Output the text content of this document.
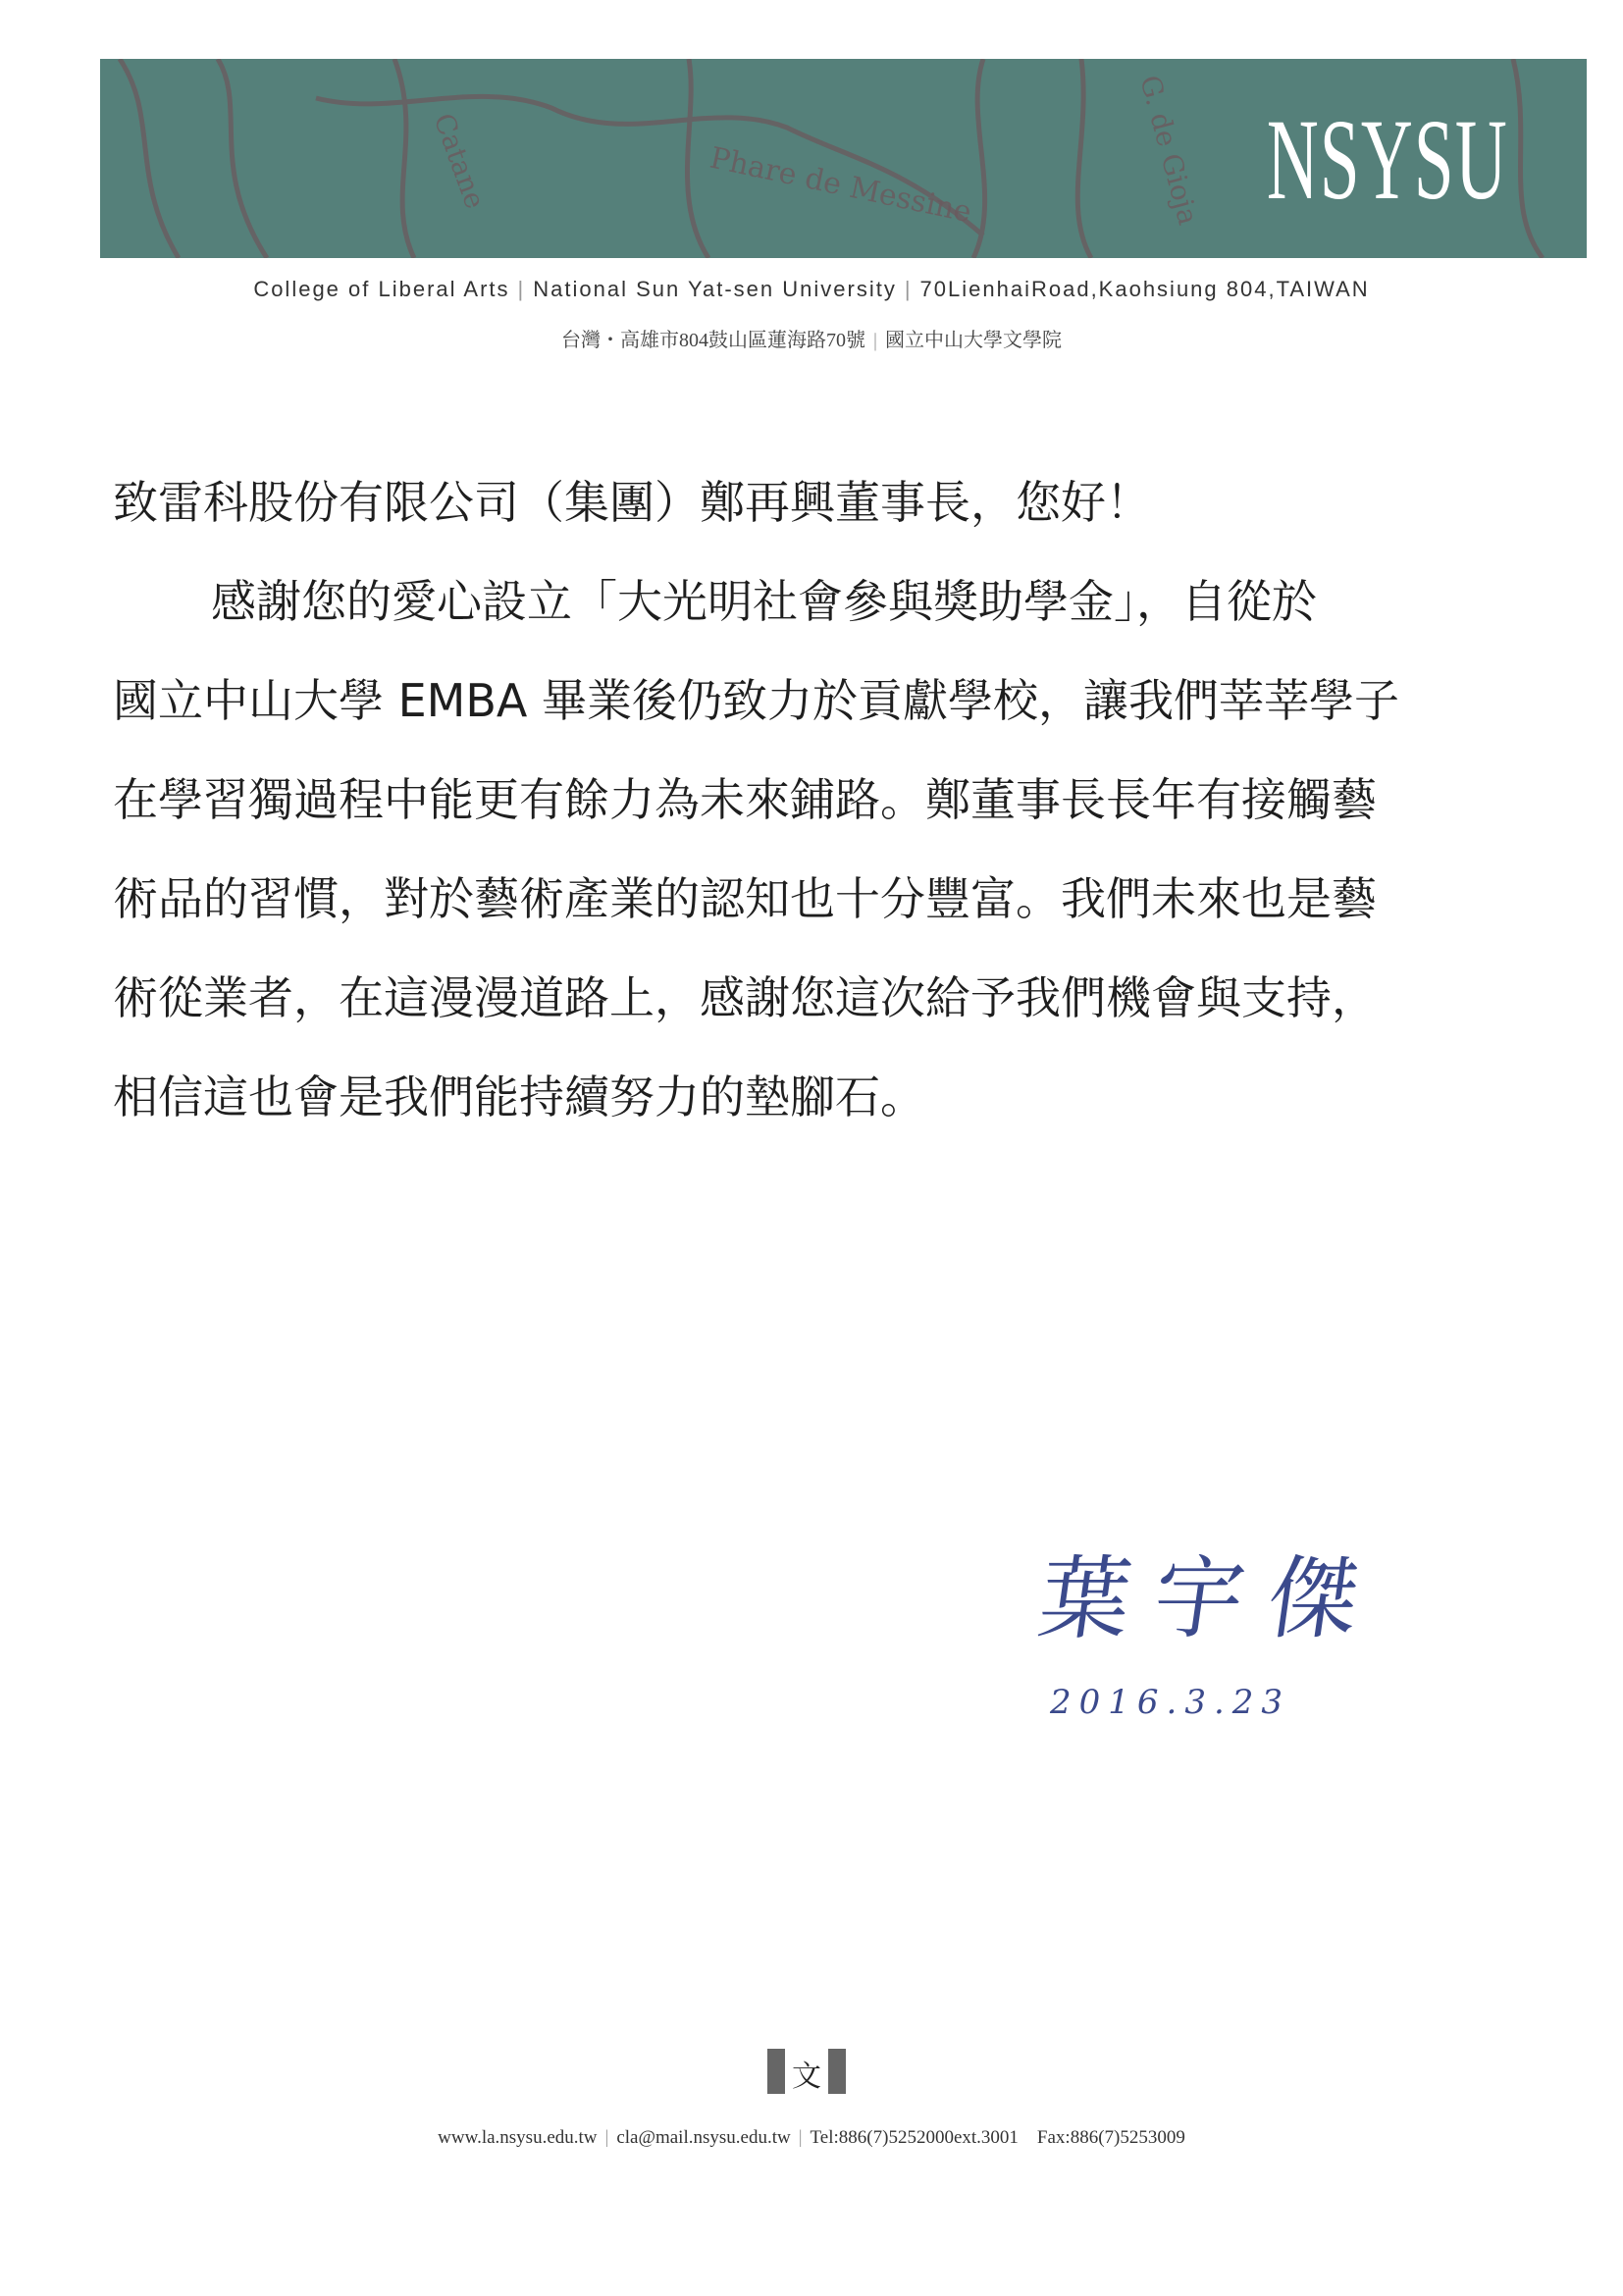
Phare de Messine
Catane	G. de Gioja NSYSU
College of Liberal Arts | National Sun Yat-sen University | 70LienhaiRoad,Kaohsiung 804,TAIWAN
台灣・高雄市804鼓山區蓮海路70號 | 國立中山大學文學院

致雷科股份有限公司（集團）鄭再興董事長，您好！

感謝您的愛心設立「大光明社會參與獎助學金」，自從於

國立中山大學 EMBA 畢業後仍致力於貢獻學校，讓我們莘莘學子

在學習獨過程中能更有餘力為未來鋪路。鄭董事長長年有接觸藝

術品的習慣，對於藝術產業的認知也十分豐富。我們未來也是藝

術從業者，在這漫漫道路上，感謝您這次給予我們機會與支持，

相信這也會是我們能持續努力的墊腳石。

葉宇傑
2016.3.23
文
www.la.nsysu.edu.tw | cla@mail.nsysu.edu.tw | Tel:886(7)5252000ext.3001 Fax:886(7)5253009
